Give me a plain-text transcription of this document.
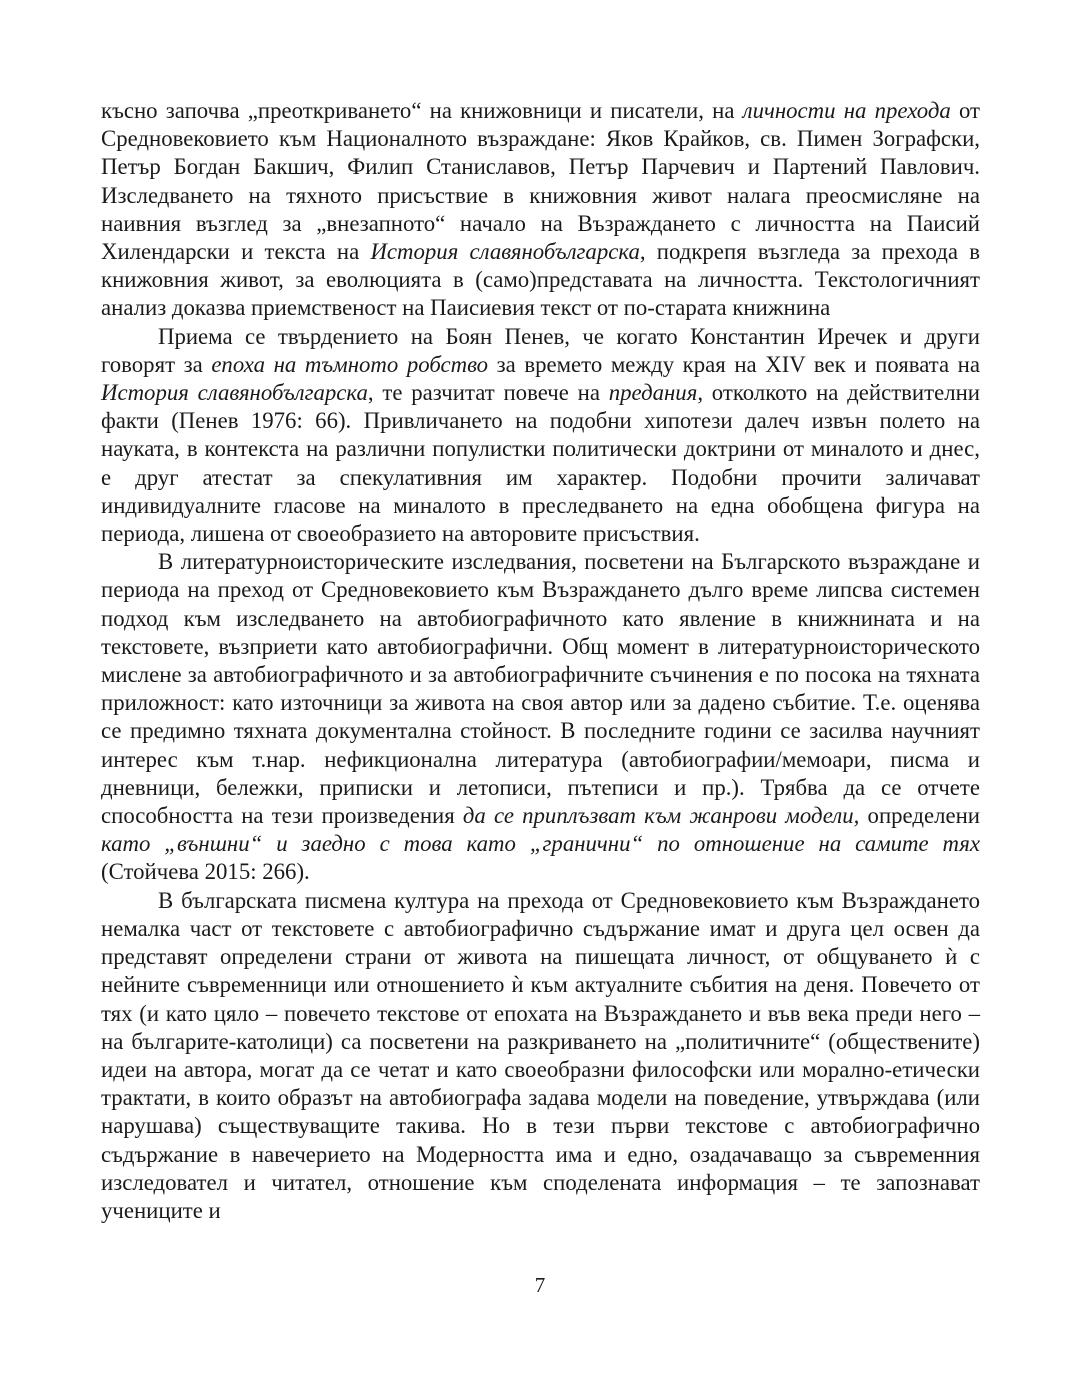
късно започва „преоткриването“ на книжовници и писатели, на личности на прехода от Средновековието към Националното възраждане: Яков Крайков, св. Пимен Зографски, Петър Богдан Бакшич, Филип Станиславов, Петър Парчевич и Партений Павлович. Изследването на тяхното присъствие в книжовния живот налага преосмисляне на наивния възглед за „внезапното“ начало на Възраждането с личността на Паисий Хилендарски и текста на История славянобългарска, подкрепя възгледа за прехода в книжовния живот, за еволюцията в (само)представата на личността. Текстологичният анализ доказва приемственост на Паисиевия текст от по-старата книжнина

Приема се твърдението на Боян Пенев, че когато Константин Иречек и други говорят за епоха на тъмното робство за времето между края на XIV век и появата на История славянобългарска, те разчитат повече на предания, отколкото на действителни факти (Пенев 1976: 66). Привличането на подобни хипотези далеч извън полето на науката, в контекста на различни популистки политически доктрини от миналото и днес, е друг атестат за спекулативния им характер. Подобни прочити заличават индивидуалните гласове на миналото в преследването на една обобщена фигура на периода, лишена от своеобразието на авторовите присъствия.

В литературноисторическите изследвания, посветени на Българското възраждане и периода на преход от Средновековието към Възраждането дълго време липсва системен подход към изследването на автобиографичното като явление в книжнината и на текстовете, възприети като автобиографични. Общ момент в литературноисторическото мислене за автобиографичното и за автобиографичните съчинения е по посока на тяхната приложност: като източници за живота на своя автор или за дадено събитие. Т.е. оценява се предимно тяхната документална стойност. В последните години се засилва научният интерес към т.нар. нефикционална литература (автобиографии/мемоари, писма и дневници, бележки, приписки и летописи, пътеписи и пр.). Трябва да се отчете способността на тези произведения да се приплъзват към жанрови модели, определени като „външни“ и заедно с това като „гранични“ по отношение на самите тях (Стойчева 2015: 266).

В българската писмена култура на прехода от Средновековието към Възраждането немалка част от текстовете с автобиографично съдържание имат и друга цел освен да представят определени страни от живота на пишещата личност, от общуването ѝ с нейните съвременници или отношението ѝ към актуалните събития на деня. Повечето от тях (и като цяло – повечето текстове от епохата на Възраждането и във века преди него – на българите-католици) са посветени на разкриването на „политичните“ (обществените) идеи на автора, могат да се четат и като своеобразни философски или морално-етически трактати, в които образът на автобиографа задава модели на поведение, утвърждава (или нарушава) съществуващите такива. Но в тези първи текстове с автобиографично съдържание в навечерието на Модерността има и едно, озадачаващо за съвременния изследовател и читател, отношение към споделената информация – те запознават учениците и

7
